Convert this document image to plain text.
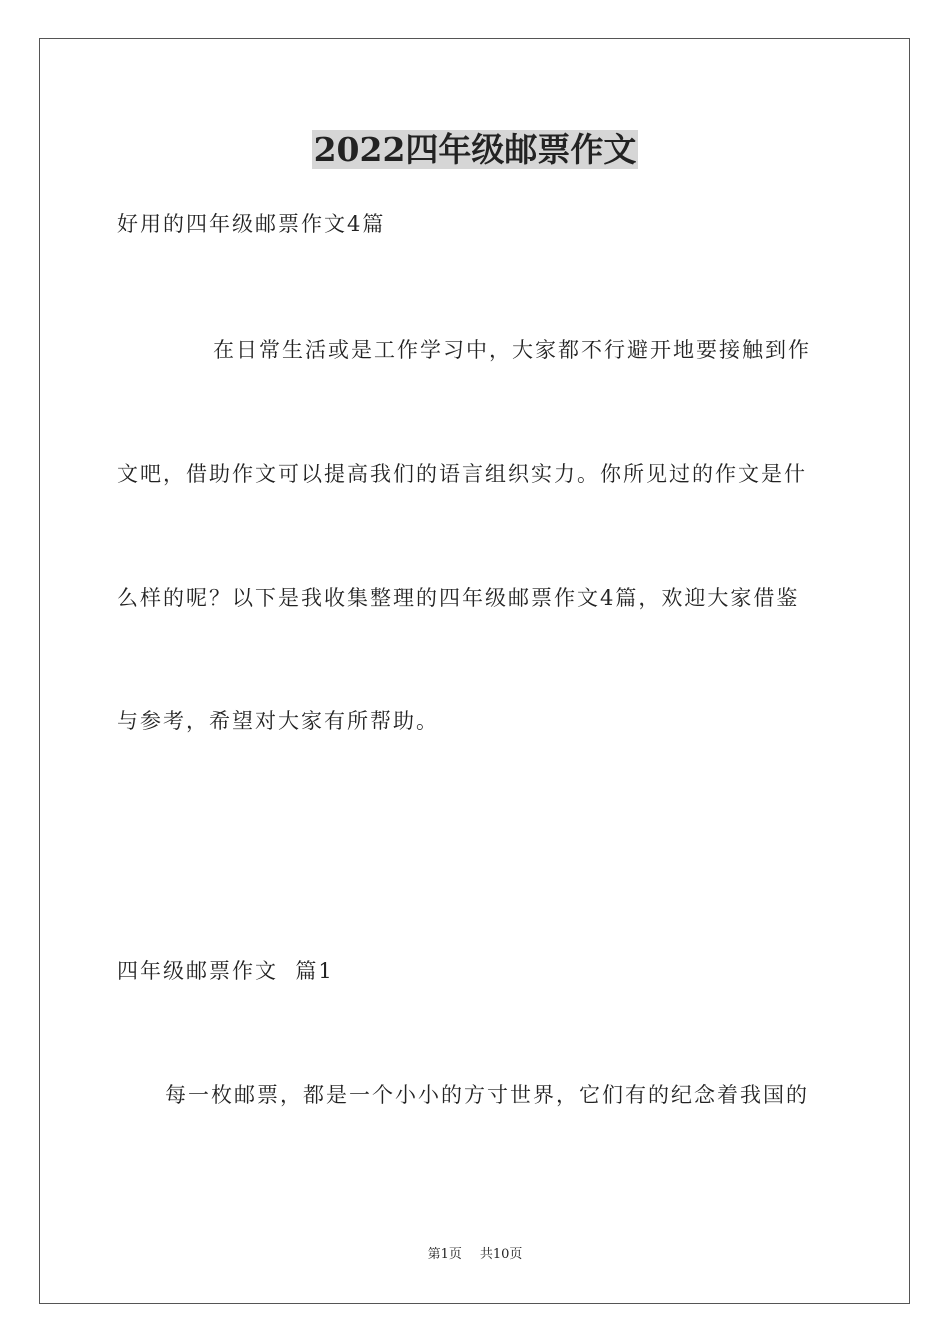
2022四年级邮票作文
好用的四年级邮票作文4篇
在日常生活或是工作学习中，大家都不行避开地要接触到作
文吧，借助作文可以提高我们的语言组织实力。你所见过的作文是什
么样的呢？以下是我收集整理的四年级邮票作文4篇，欢迎大家借鉴
与参考，希望对大家有所帮助。
四年级邮票作文  篇1
每一枚邮票，都是一个小小的方寸世界，它们有的纪念着我国的
第1页 共10页
